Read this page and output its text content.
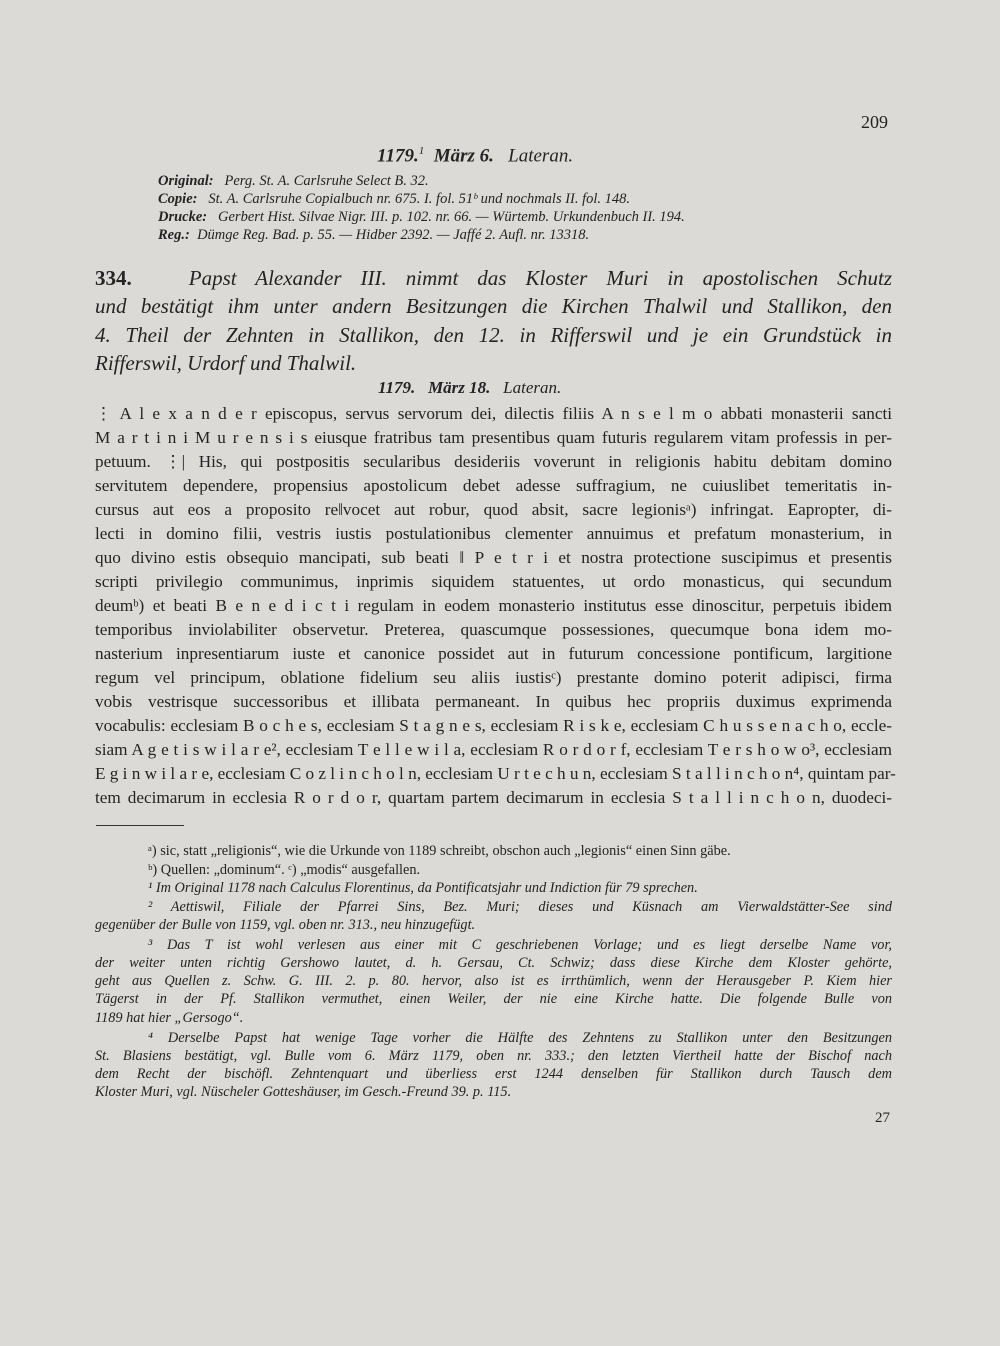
209
1179.$^1$ März 6. Lateran.
Original: Perg. St. A. Carlsruhe Select B. 32.
Copie: St. A. Carlsruhe Copialbuch nr. 675. I. fol. 51ᵇ und nochmals II. fol. 148.
Drucke: Gerbert Hist. Silvae Nigr. III. p. 102. nr. 66. — Würtemb. Urkundenbuch II. 194.
Reg.: Dümge Reg. Bad. p. 55. — Hidber 2392. — Jaffé 2. Aufl. nr. 13318.
334.	Papst Alexander III. nimmt das Kloster Muri in apostolischen Schutz
und bestätigt ihm unter andern Besitzungen die Kirchen Thalwil und Stallikon, den
4. Theil der Zehnten in Stallikon, den 12. in Rifferswil und je ein Grundstück in
Rifferswil, Urdorf und Thalwil.
1179. März 18. Lateran.
⋮ A l e x a n d e r episcopus, servus servorum dei, dilectis filiis A n s e l m o abbati monasterii sancti
M a r t i n i M u r e n s i s eiusque fratribus tam presentibus quam futuris regularem vitam professis in per-
petuum. ⋮| His, qui postpositis secularibus desideriis voverunt in religionis habitu debitam domino
servitutem dependere, propensius apostolicum debet adesse suffragium, ne cuiuslibet temeritatis in-
cursus aut eos a proposito re‖vocet aut robur, quod absit, sacre legionisᵃ) infringat. Eapropter, di-
lecti in domino filii, vestris iustis postulationibus clementer annuimus et prefatum monasterium, in
quo divino estis obsequio mancipati, sub beati ‖ P e t r i et nostra protectione suscipimus et presentis
scripti privilegio communimus, inprimis siquidem statuentes, ut ordo monasticus, qui secundum
deumᵇ) et beati B e n e d i c t i regulam in eodem monasterio institutus esse dinoscitur, perpetuis ibidem
temporibus inviolabiliter observetur. Preterea, quascumque possessiones, quecumque bona idem mo-
nasterium inpresentiarum iuste et canonice possidet aut in futurum concessione pontificum, largitione
regum vel principum, oblatione fidelium seu aliis iustisᶜ) prestante domino poterit adipisci, firma
vobis vestrisque successoribus et illibata permaneant. In quibus hec propriis duximus exprimenda
vocabulis: ecclesiam B o c h e s, ecclesiam S t a g n e s, ecclesiam R i s k e, ecclesiam C h u s s e n a c h o, eccle-
siam A g e t i s w i l a r e², ecclesiam T e l l e w i l a, ecclesiam R o r d o r f, ecclesiam T e r s h o w o³, ecclesiam
E g i n w i l a r e, ecclesiam C o z l i n c h o l n, ecclesiam U r t e c h u n, ecclesiam S t a l l i n c h o n⁴, quintam par-
tem decimarum in ecclesia R o r d o r, quartam partem decimarum in ecclesia S t a l l i n c h o n, duodeci-
ᵃ) sic, statt „religionis“, wie die Urkunde von 1189 schreibt, obschon auch „legionis“ einen Sinn gäbe.
ᵇ) Quellen: „dominum“. ᶜ) „modis“ ausgefallen.
¹ Im Original 1178 nach Calculus Florentinus, da Pontificatsjahr und Indiction für 79 sprechen.
² Aettiswil, Filiale der Pfarrei Sins, Bez. Muri; dieses und Küsnach am Vierwaldstätter-See sind
gegenüber der Bulle von 1159, vgl. oben nr. 313., neu hinzugefügt.
³ Das T ist wohl verlesen aus einer mit C geschriebenen Vorlage; und es liegt derselbe Name vor,
der weiter unten richtig Gershowo lautet, d. h. Gersau, Ct. Schwiz; dass diese Kirche dem Kloster gehörte,
geht aus Quellen z. Schw. G. III. 2. p. 80. hervor, also ist es irrthümlich, wenn der Herausgeber P. Kiem hier
Tägerst in der Pf. Stallikon vermuthet, einen Weiler, der nie eine Kirche hatte. Die folgende Bulle von
1189 hat hier „Gersogo“.
⁴ Derselbe Papst hat wenige Tage vorher die Hälfte des Zehntens zu Stallikon unter den Besitzungen
St. Blasiens bestätigt, vgl. Bulle vom 6. März 1179, oben nr. 333.; den letzten Viertheil hatte der Bischof nach
dem Recht der bischöfl. Zehntenquart und überliess erst 1244 denselben für Stallikon durch Tausch dem
Kloster Muri, vgl. Nüscheler Gotteshäuser, im Gesch.-Freund 39. p. 115.
27
